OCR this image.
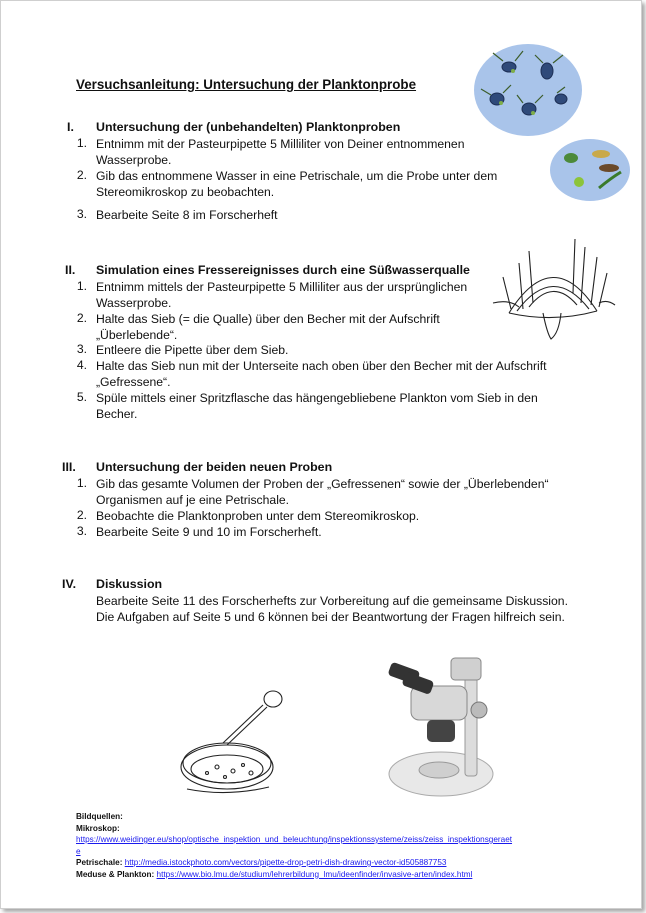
Versuchsanleitung: Untersuchung der Planktonprobe
I. Untersuchung der (unbehandelten) Planktonproben
1. Entnimm mit der Pasteurpipette 5 Milliliter von Deiner entnommenen
Wasserprobe.
2. Gib das entnommene Wasser in eine Petrischale, um die Probe unter dem
Stereomikroskop zu beobachten.
3. Bearbeite Seite 8 im Forscherheft
II. Simulation eines Fressereignisses durch eine Süßwasserqualle
1. Entnimm mittels der Pasteurpipette 5 Milliliter aus der ursprünglichen
Wasserprobe.
2. Halte das Sieb (= die Qualle) über den Becher mit der Aufschrift
„Überlebende“.
3. Entleere die Pipette über dem Sieb.
4. Halte das Sieb nun mit der Unterseite nach oben über den Becher mit der Aufschrift
„Gefressene“.
5. Spüle mittels einer Spritzflasche das hängengebliebene Plankton vom Sieb in den
Becher.
III. Untersuchung der beiden neuen Proben
1. Gib das gesamte Volumen der Proben der „Gefressenen“ sowie der „Überlebenden“
Organismen auf je eine Petrischale.
2. Beobachte die Planktonproben unter dem Stereomikroskop.
3. Bearbeite Seite 9 und 10 im Forscherheft.
IV. Diskussion
Bearbeite Seite 11 des Forscherhefts zur Vorbereitung auf die gemeinsame Diskussion.
Die Aufgaben auf Seite 5 und 6 können bei der Beantwortung der Fragen hilfreich sein.
Bildquellen:
Mikroskop:
https://www.weidinger.eu/shop/optische_inspektion_und_beleuchtung/inspektionssysteme/zeiss/zeiss_inspektionsgeraet
e
Petrischale: http://media.istockphoto.com/vectors/pipette-drop-petri-dish-drawing-vector-id505887753
Meduse & Plankton: https://www.bio.lmu.de/studium/lehrerbildung_lmu/ideenfinder/invasive-arten/index.html
